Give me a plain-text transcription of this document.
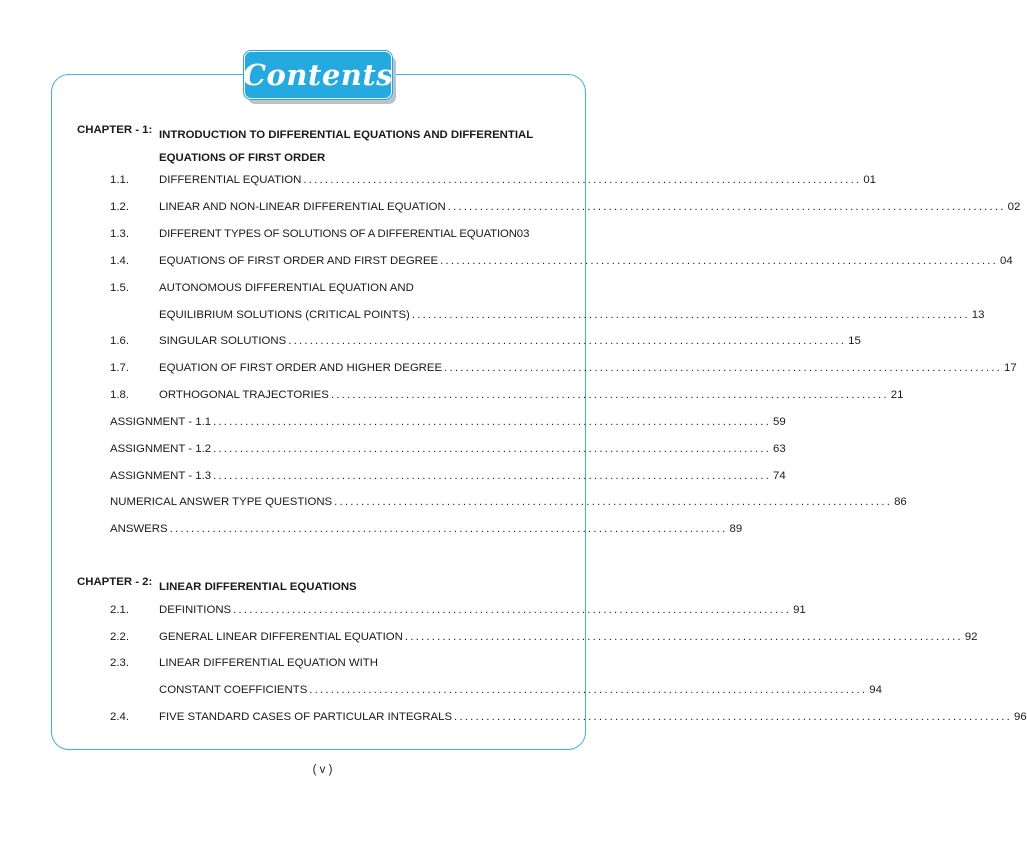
Contents
CHAPTER - 1: INTRODUCTION TO DIFFERENTIAL EQUATIONS AND DIFFERENTIAL
EQUATIONS OF FIRST ORDER
1.1.	DIFFERENTIAL EQUATION ........................................................................................................ 01
1.2.	LINEAR AND NON-LINEAR DIFFERENTIAL EQUATION ........................................................................................................ 02
1.3.	DIFFERENT TYPES OF SOLUTIONS OF A DIFFERENTIAL EQUATION 03
1.4.	EQUATIONS OF FIRST ORDER AND FIRST DEGREE ........................................................................................................ 04
1.5.	AUTONOMOUS DIFFERENTIAL EQUATION AND
EQUILIBRIUM SOLUTIONS (CRITICAL POINTS) ........................................................................................................ 13
1.6.	SINGULAR SOLUTIONS ........................................................................................................ 15
1.7.	EQUATION OF FIRST ORDER AND HIGHER DEGREE ........................................................................................................ 17
1.8.	ORTHOGONAL TRAJECTORIES ........................................................................................................ 21
ASSIGNMENT - 1.1 ........................................................................................................ 59
ASSIGNMENT - 1.2 ........................................................................................................ 63
ASSIGNMENT - 1.3 ........................................................................................................ 74
NUMERICAL ANSWER TYPE QUESTIONS ........................................................................................................ 86
ANSWERS ........................................................................................................ 89
CHAPTER - 2: LINEAR DIFFERENTIAL EQUATIONS
2.1.	DEFINITIONS ........................................................................................................ 91
2.2.	GENERAL LINEAR DIFFERENTIAL EQUATION ........................................................................................................ 92
2.3.	LINEAR DIFFERENTIAL EQUATION WITH
CONSTANT COEFFICIENTS ........................................................................................................ 94
2.4.	FIVE STANDARD CASES OF PARTICULAR INTEGRALS ........................................................................................................ 96
( v )
